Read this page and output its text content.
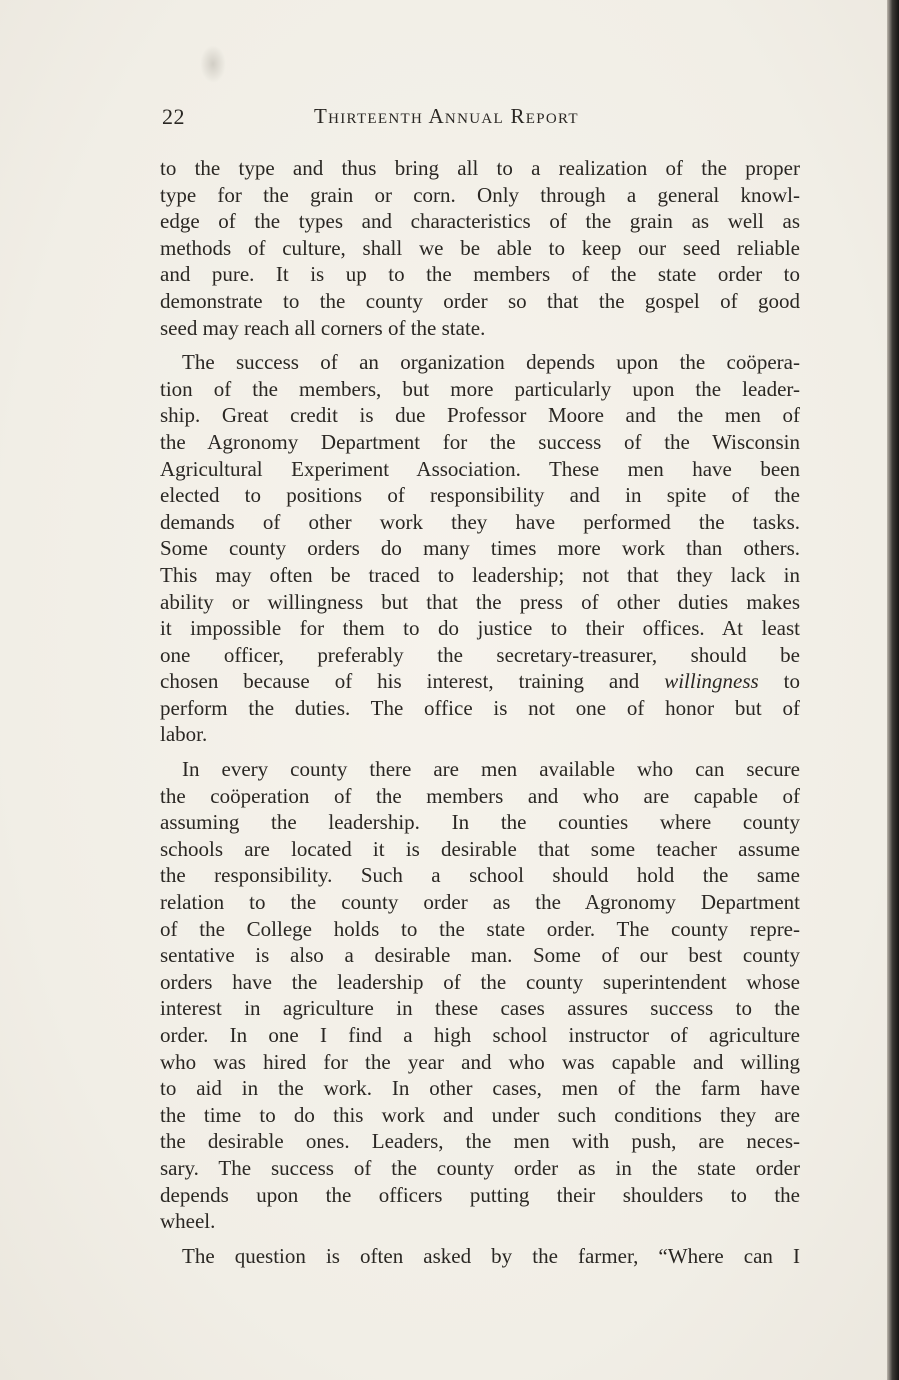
22	Thirteenth Annual Report
to the type and thus bring all to a realization of the proper
type for the grain or corn. Only through a general knowl-
edge of the types and characteristics of the grain as well as
methods of culture, shall we be able to keep our seed reliable
and pure. It is up to the members of the state order to
demonstrate to the county order so that the gospel of good
seed may reach all corners of the state.
The success of an organization depends upon the coöpera-
tion of the members, but more particularly upon the leader-
ship. Great credit is due Professor Moore and the men of
the Agronomy Department for the success of the Wisconsin
Agricultural Experiment Association. These men have been
elected to positions of responsibility and in spite of the
demands of other work they have performed the tasks.
Some county orders do many times more work than others.
This may often be traced to leadership; not that they lack in
ability or willingness but that the press of other duties makes
it impossible for them to do justice to their offices. At least
one officer, preferably the secretary-treasurer, should be
chosen because of his interest, training and willingness to
perform the duties. The office is not one of honor but of
labor.
In every county there are men available who can secure
the coöperation of the members and who are capable of
assuming the leadership. In the counties where county
schools are located it is desirable that some teacher assume
the responsibility. Such a school should hold the same
relation to the county order as the Agronomy Department
of the College holds to the state order. The county repre-
sentative is also a desirable man. Some of our best county
orders have the leadership of the county superintendent whose
interest in agriculture in these cases assures success to the
order. In one I find a high school instructor of agriculture
who was hired for the year and who was capable and willing
to aid in the work. In other cases, men of the farm have
the time to do this work and under such conditions they are
the desirable ones. Leaders, the men with push, are neces-
sary. The success of the county order as in the state order
depends upon the officers putting their shoulders to the
wheel.
The question is often asked by the farmer, “Where can I
